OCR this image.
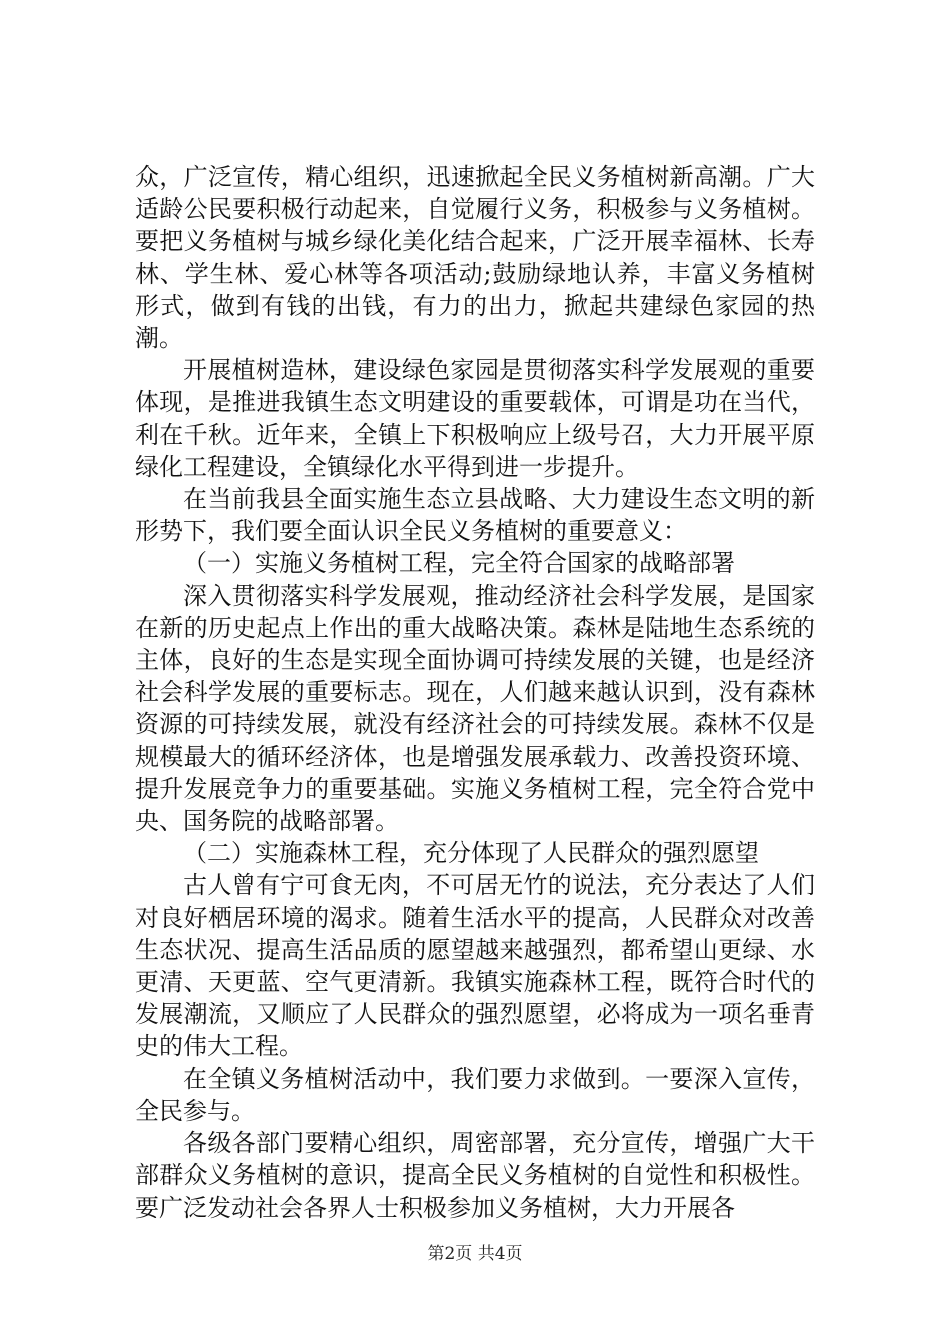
众，广泛宣传，精心组织，迅速掀起全民义务植树新高潮。广大适龄公民要积极行动起来，自觉履行义务，积极参与义务植树。要把义务植树与城乡绿化美化结合起来，广泛开展幸福林、长寿林、学生林、爱心林等各项活动;鼓励绿地认养，丰富义务植树形式，做到有钱的出钱，有力的出力，掀起共建绿色家园的热潮。

开展植树造林，建设绿色家园是贯彻落实科学发展观的重要体现，是推进我镇生态文明建设的重要载体，可谓是功在当代，利在千秋。近年来，全镇上下积极响应上级号召，大力开展平原绿化工程建设，全镇绿化水平得到进一步提升。

在当前我县全面实施生态立县战略、大力建设生态文明的新形势下，我们要全面认识全民义务植树的重要意义：

（一）实施义务植树工程，完全符合国家的战略部署

深入贯彻落实科学发展观，推动经济社会科学发展，是国家在新的历史起点上作出的重大战略决策。森林是陆地生态系统的主体，良好的生态是实现全面协调可持续发展的关键，也是经济社会科学发展的重要标志。现在，人们越来越认识到，没有森林资源的可持续发展，就没有经济社会的可持续发展。森林不仅是规模最大的循环经济体，也是增强发展承载力、改善投资环境、提升发展竞争力的重要基础。实施义务植树工程，完全符合党中央、国务院的战略部署。

（二）实施森林工程，充分体现了人民群众的强烈愿望

古人曾有宁可食无肉，不可居无竹的说法，充分表达了人们对良好栖居环境的渴求。随着生活水平的提高，人民群众对改善生态状况、提高生活品质的愿望越来越强烈，都希望山更绿、水更清、天更蓝、空气更清新。我镇实施森林工程，既符合时代的发展潮流，又顺应了人民群众的强烈愿望，必将成为一项名垂青史的伟大工程。

在全镇义务植树活动中，我们要力求做到。一要深入宣传，全民参与。

各级各部门要精心组织，周密部署，充分宣传，增强广大干部群众义务植树的意识，提高全民义务植树的自觉性和积极性。要广泛发动社会各界人士积极参加义务植树，大力开展各

第2页 共4页
